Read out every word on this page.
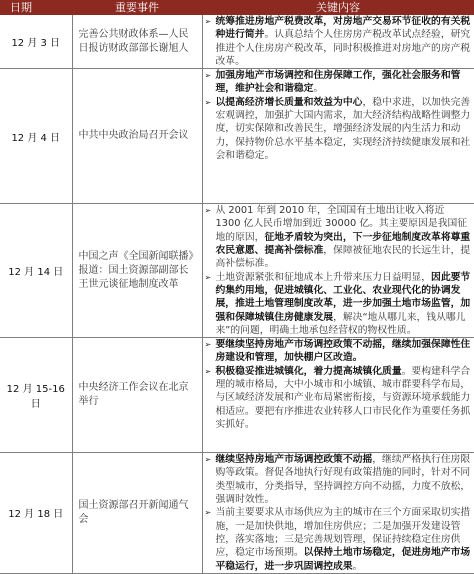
日期	重要事件	关键内容
12 月 3 日	完善公共财政体系—人民日报访财政部部长谢旭人	➢ 统筹推进房地产税费改革，对房地产交易环节征收的有关税种进行简并。认真总结个人住房房产税改革试点经验，研究推进个人住房房产税改革，同时积极推进对房地产的房产税改革。

12 月 4 日	中共中央政治局召开会议	➢ 加强房地产市场调控和住房保障工作，强化社会服务和管理，维护社会和谐稳定。
➢ 以提高经济增长质量和效益为中心，稳中求进，以加快完善宏观调控，加强扩大国内需求，加大经济结构战略性调整力度，切实保障和改善民生，增强经济发展的内生活力和动力，保持物价总水平基本稳定，实现经济持续健康发展和社会和谐稳定。

12 月 14 日	中国之声《全国新闻联播》报道：国土资源部副部长王世元谈征地制度改革	➢ 从 2001 年到 2010 年，全国国有土地出让收入将近 1300 亿人民币增加到近 30000 亿。其主要原因是我国征地的原因，征地矛盾较为突出，下一步征地制度改革将尊重农民意愿、提高补偿标准，保障被征地农民的长远生计，提高补偿标准。
➢ 土地资源紧张和征地成本上升带来压力日益明显，因此要节约集约用地，促进城镇化、工业化、农业现代化的协调发展，推进土地管理制度改革，进一步加强土地市场监管，加强和保障城镇住房健康发展，解决“地从哪儿来，钱从哪儿来”的问题，明确土地承包经营权的物权性质。

12 月 15-16 日	中央经济工作会议在北京举行	➢ 要继续坚持房地产市场调控政策不动摇，继续加强保障性住房建设和管理，加快棚户区改造。
➢ 积极稳妥推进城镇化，着力提高城镇化质量。要构建科学合理的城市格局，大中小城市和小城镇、城市群要科学布局，与区域经济发展和产业布局紧密衔接，与资源环境承载能力相适应。要把有序推进农业转移人口市民化作为重要任务抓实抓好。

12 月 18 日	国土资源部召开新闻通气会	➢ 继续坚持房地产市场调控政策不动摇，继续严格执行住房限购等政策。督促各地执行好现有政策措施的同时，针对不同类型城市，分类指导，坚持调控方向不动摇，力度不放松，强调时效性。
➢ 当前主要要求从市场供应为主的城市在三个方面采取切实措施，一是加快供地，增加住房供应；二是加强开发建设管控，落实落地；三是完善规划管理，保证持续稳定住房供应，稳定市场预期。以保持土地市场稳定，促进房地产市场平稳运行，进一步巩固调控成果。
